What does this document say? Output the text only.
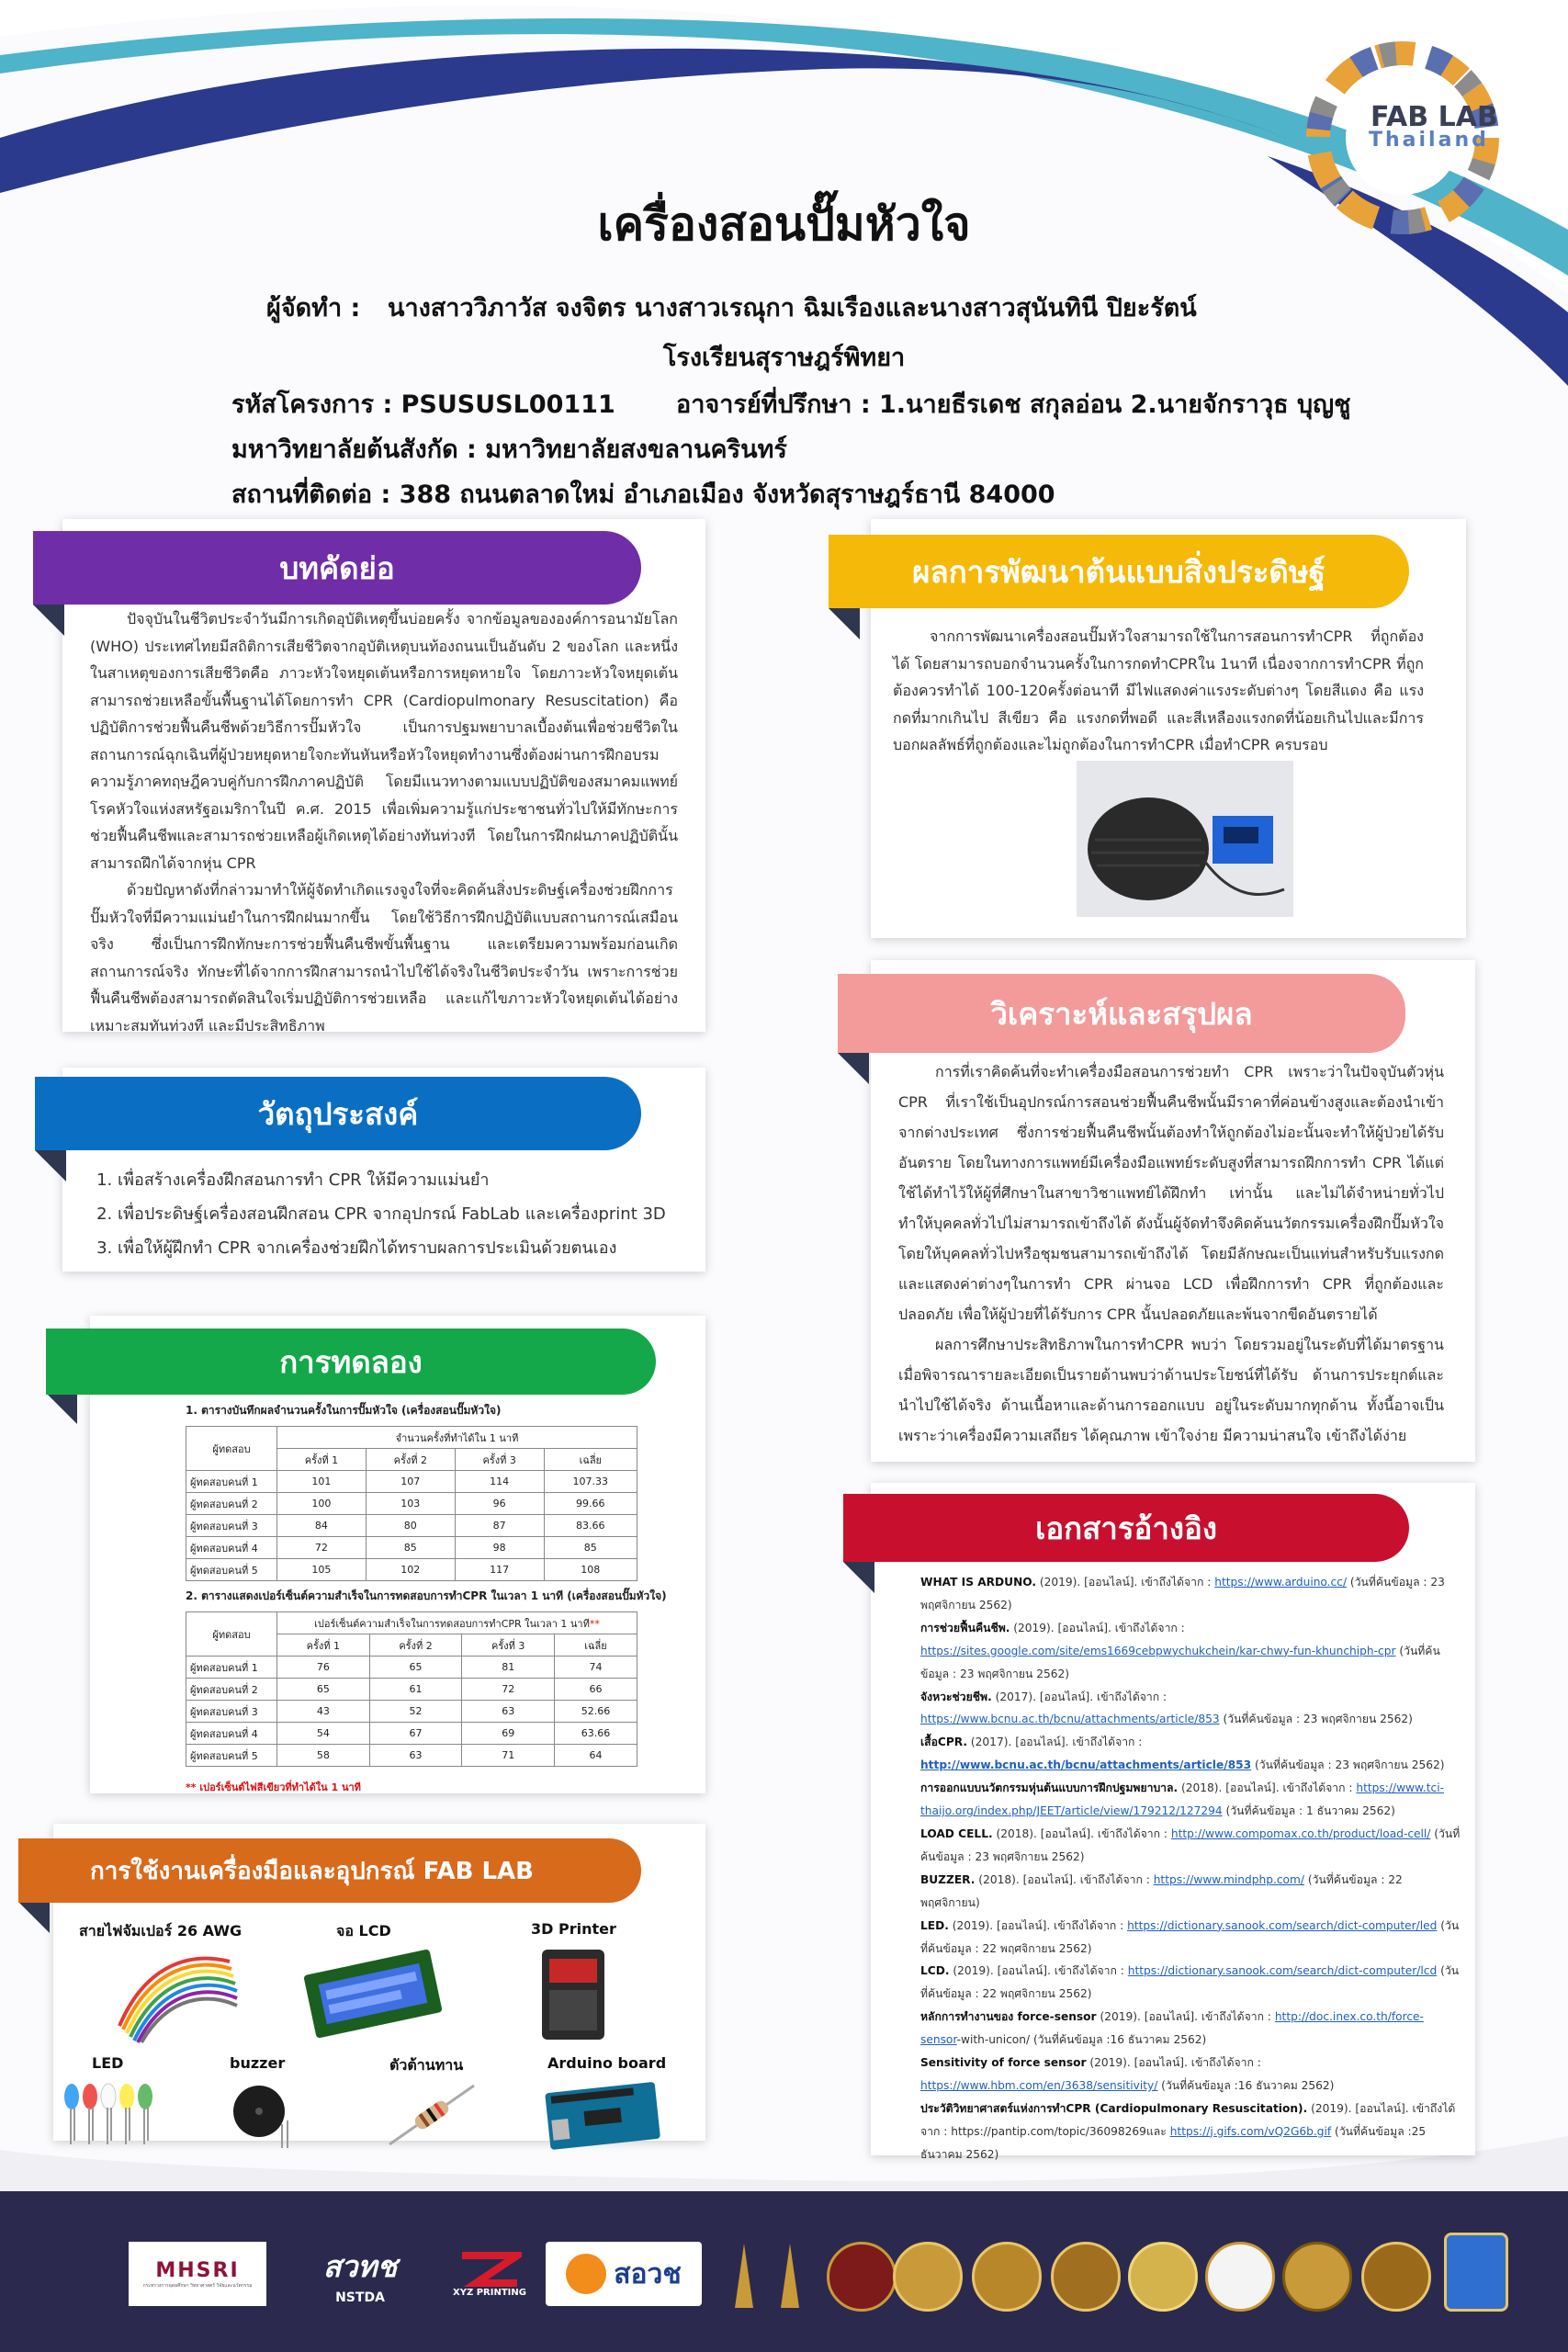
FAB LAB
Thailand
เครื่องสอนปั๊มหัวใจ
ผู้จัดทำ : นางสาววิภาวัส จงจิตร นางสาวเรณุกา ฉิมเรืองและนางสาวสุนันทินี ปิยะรัตน์
โรงเรียนสุราษฎร์พิทยา
รหัสโครงการ : PSUSUSL00111 อาจารย์ที่ปรึกษา : 1.นายธีรเดช สกุลอ่อน 2.นายจักราวุธ บุญชู
มหาวิทยาลัยต้นสังกัด : มหาวิทยาลัยสงขลานครินทร์
สถานที่ติดต่อ : 388 ถนนตลาดใหม่ อำเภอเมือง จังหวัดสุราษฎร์ธานี 84000
บทคัดย่อ

ปัจจุบันในชีวิตประจำวันมีการเกิดอุบัติเหตุขึ้นบ่อยครั้ง จากข้อมูลขององค์การอนามัยโลก (WHO) ประเทศไทยมีสถิติการเสียชีวิตจากอุบัติเหตุบนท้องถนนเป็นอันดับ 2 ของโลก และหนึ่งในสาเหตุของการเสียชีวิตคือ ภาวะหัวใจหยุดเต้นหรือการหยุดหายใจ โดยภาวะหัวใจหยุดเต้นสามารถช่วยเหลือขั้นพื้นฐานได้โดยการทำ CPR (Cardiopulmonary Resuscitation) คือ ปฏิบัติการช่วยฟื้นคืนชีพด้วยวิธีการปั๊มหัวใจ เป็นการปฐมพยาบาลเบื้องต้นเพื่อช่วยชีวิตในสถานการณ์ฉุกเฉินที่ผู้ป่วยหยุดหายใจกะทันหันหรือหัวใจหยุดทำงานซึ่งต้องผ่านการฝึกอบรมความรู้ภาคทฤษฎีควบคู่กับการฝึกภาคปฏิบัติ โดยมีแนวทางตามแบบปฏิบัติของสมาคมแพทย์โรคหัวใจแห่งสหรัฐอเมริกาในปี ค.ศ. 2015 เพื่อเพิ่มความรู้แก่ประชาชนทั่วไปให้มีทักษะการช่วยฟื้นคืนชีพและสามารถช่วยเหลือผู้เกิดเหตุได้อย่างทันท่วงที โดยในการฝึกฝนภาคปฏิบัตินั้นสามารถฝึกได้จากหุ่น CPR

ด้วยปัญหาดังที่กล่าวมาทำให้ผู้จัดทำเกิดแรงจูงใจที่จะคิดค้นสิ่งประดิษฐ์เครื่องช่วยฝึกการปั๊มหัวใจที่มีความแม่นยำในการฝึกฝนมากขึ้น โดยใช้วิธีการฝึกปฏิบัติแบบสถานการณ์เสมือนจริง ซึ่งเป็นการฝึกทักษะการช่วยฟื้นคืนชีพขั้นพื้นฐาน และเตรียมความพร้อมก่อนเกิดสถานการณ์จริง ทักษะที่ได้จากการฝึกสามารถนำไปใช้ได้จริงในชีวิตประจำวัน เพราะการช่วยฟื้นคืนชีพต้องสามารถตัดสินใจเริ่มปฏิบัติการช่วยเหลือ และแก้ไขภาวะหัวใจหยุดเต้นได้อย่างเหมาะสมทันท่วงที และมีประสิทธิภาพ

วัตถุประสงค์
1. เพื่อสร้างเครื่องฝึกสอนการทำ CPR ให้มีความแม่นยำ
2. เพื่อประดิษฐ์เครื่องสอนฝึกสอน CPR จากอุปกรณ์ FabLab และเครื่องprint 3D
3. เพื่อให้ผู้ฝึกทำ CPR จากเครื่องช่วยฝึกได้ทราบผลการประเมินด้วยตนเอง
การทดลอง
1. ตารางบันทึกผลจำนวนครั้งในการปั๊มหัวใจ (เครื่องสอนปั๊มหัวใจ)
ผู้ทดสอบ	จำนวนครั้งที่ทำได้ใน 1 นาที			
	ครั้งที่ 1	ครั้งที่ 2	ครั้งที่ 3	เฉลี่ย
ผู้ทดสอบคนที่ 1	101	107	114	107.33
ผู้ทดสอบคนที่ 2	100	103	96	99.66
ผู้ทดสอบคนที่ 3	84	80	87	83.66
ผู้ทดสอบคนที่ 4	72	85	98	85
ผู้ทดสอบคนที่ 5	105	102	117	108
2. ตารางแสดงเปอร์เซ็นต์ความสำเร็จในการทดสอบการทำCPR ในเวลา 1 นาที (เครื่องสอนปั๊มหัวใจ)
ผู้ทดสอบ	เปอร์เซ็นต์ความสำเร็จในการทดสอบการทำCPR ในเวลา 1 นาที**			
	ครั้งที่ 1	ครั้งที่ 2	ครั้งที่ 3	เฉลี่ย
ผู้ทดสอบคนที่ 1	76	65	81	74
ผู้ทดสอบคนที่ 2	65	61	72	66
ผู้ทดสอบคนที่ 3	43	52	63	52.66
ผู้ทดสอบคนที่ 4	54	67	69	63.66
ผู้ทดสอบคนที่ 5	58	63	71	64
** เปอร์เซ็นต์ไฟสีเขียวที่ทำได้ใน 1 นาที
การใช้งานเครื่องมือและอุปกรณ์ FAB LAB
สายไฟจัมเปอร์ 26 AWG	จอ LCD	3D Printer
LED	buzzer	ตัวต้านทาน	Arduino board
ผลการพัฒนาต้นแบบสิ่งประดิษฐ์

จากการพัฒนาเครื่องสอนปั๊มหัวใจสามารถใช้ในการสอนการทำCPR ที่ถูกต้องได้ โดยสามารถบอกจำนวนครั้งในการกดทำCPRใน 1นาที เนื่องจากการทำCPR ที่ถูกต้องควรทำได้ 100-120ครั้งต่อนาที มีไฟแสดงค่าแรงระดับต่างๆ โดยสีแดง คือ แรงกดที่มากเกินไป สีเขียว คือ แรงกดที่พอดี และสีเหลืองแรงกดที่น้อยเกินไปและมีการบอกผลลัพธ์ที่ถูกต้องและไม่ถูกต้องในการทำCPR เมื่อทำCPR ครบรอบ

วิเคราะห์และสรุปผล

การที่เราคิดค้นที่จะทำเครื่องมือสอนการช่วยทำ CPR เพราะว่าในปัจจุบันตัวหุ่น CPR ที่เราใช้เป็นอุปกรณ์การสอนช่วยฟื้นคืนชีพนั้นมีราคาที่ค่อนข้างสูงและต้องนำเข้าจากต่างประเทศ ซึ่งการช่วยฟื้นคืนชีพนั้นต้องทำให้ถูกต้องไม่อะนั้นจะทำให้ผู้ป่วยได้รับอันตราย โดยในทางการแพทย์มีเครื่องมือแพทย์ระดับสูงที่สามารถฝึกการทำ CPR ได้แต่ใช้ได้ทำไว้ให้ผู้ที่ศึกษาในสาขาวิชาแพทย์ได้ฝึกทำ เท่านั้น และไม่ได้จำหน่ายทั่วไป ทำให้บุคคลทั่วไปไม่สามารถเข้าถึงได้ ดังนั้นผู้จัดทำจึงคิดค้นนวัตกรรมเครื่องฝึกปั๊มหัวใจโดยให้บุคคลทั่วไปหรือชุมชนสามารถเข้าถึงได้ โดยมีลักษณะเป็นแท่นสำหรับรับแรงกด และแสดงค่าต่างๆในการทำ CPR ผ่านจอ LCD เพื่อฝึกการทำ CPR ที่ถูกต้องและปลอดภัย เพื่อให้ผู้ป่วยที่ได้รับการ CPR นั้นปลอดภัยและพ้นจากขีดอันตรายได้

ผลการศึกษาประสิทธิภาพในการทำCPR พบว่า โดยรวมอยู่ในระดับที่ได้มาตรฐาน เมื่อพิจารณารายละเอียดเป็นรายด้านพบว่าด้านประโยชน์ที่ได้รับ ด้านการประยุกต์และนำไปใช้ได้จริง ด้านเนื้อหาและด้านการออกแบบ อยู่ในระดับมากทุกด้าน ทั้งนี้อาจเป็นเพราะว่าเครื่องมีความเสถียร ได้คุณภาพ เข้าใจง่าย มีความน่าสนใจ เข้าถึงได้ง่าย

เอกสารอ้างอิง
WHAT IS ARDUNO. (2019). [ออนไลน์]. เข้าถึงได้จาก : https://www.arduino.cc/ (วันที่ค้นข้อมูล : 23 พฤศจิกายน 2562)
การช่วยฟื้นคืนชีพ. (2019). [ออนไลน์]. เข้าถึงได้จาก : https://sites.google.com/site/ems1669cebpwychukchein/kar-chwy-fun-khunchiph-cpr (วันที่ค้นข้อมูล : 23 พฤศจิกายน 2562)
จังหวะช่วยชีพ. (2017). [ออนไลน์]. เข้าถึงได้จาก : https://www.bcnu.ac.th/bcnu/attachments/article/853 (วันที่ค้นข้อมูล : 23 พฤศจิกายน 2562)
เสื้อCPR. (2017). [ออนไลน์]. เข้าถึงได้จาก : http://www.bcnu.ac.th/bcnu/attachments/article/853 (วันที่ค้นข้อมูล : 23 พฤศจิกายน 2562)
การออกแบบนวัตกรรมหุ่นต้นแบบการฝึกปฐมพยาบาล. (2018). [ออนไลน์]. เข้าถึงได้จาก : https://www.tci-thaijo.org/index.php/JEET/article/view/179212/127294 (วันที่ค้นข้อมูล : 1 ธันวาคม 2562)
LOAD CELL. (2018). [ออนไลน์]. เข้าถึงได้จาก : http://www.compomax.co.th/product/load-cell/ (วันที่ค้นข้อมูล : 23 พฤศจิกายน 2562)
BUZZER. (2018). [ออนไลน์]. เข้าถึงได้จาก : https://www.mindphp.com/ (วันที่ค้นข้อมูล : 22 พฤศจิกายน)
LED. (2019). [ออนไลน์]. เข้าถึงได้จาก : https://dictionary.sanook.com/search/dict-computer/led (วันที่ค้นข้อมูล : 22 พฤศจิกายน 2562)
LCD. (2019). [ออนไลน์]. เข้าถึงได้จาก : https://dictionary.sanook.com/search/dict-computer/lcd (วันที่ค้นข้อมูล : 22 พฤศจิกายน 2562)
หลักการทำงานของ force-sensor (2019). [ออนไลน์]. เข้าถึงได้จาก : http://doc.inex.co.th/force-sensor-with-unicon/ (วันที่ค้นข้อมูล :16 ธันวาคม 2562)
Sensitivity of force sensor (2019). [ออนไลน์]. เข้าถึงได้จาก : https://www.hbm.com/en/3638/sensitivity/ (วันที่ค้นข้อมูล :16 ธันวาคม 2562)
ประวัติวิทยาศาสตร์แห่งการทำCPR (Cardiopulmonary Resuscitation). (2019). [ออนไลน์]. เข้าถึงได้จาก : https://pantip.com/topic/36098269และ https://j.gifs.com/vQ2G6b.gif (วันที่ค้นข้อมูล :25 ธันวาคม 2562)
MHSRI
กระทรวงการอุดมศึกษา วิทยาศาสตร์ วิจัยและนวัตกรรม
สวทช
NSTDA	XYZ PRINTING
สอวช
